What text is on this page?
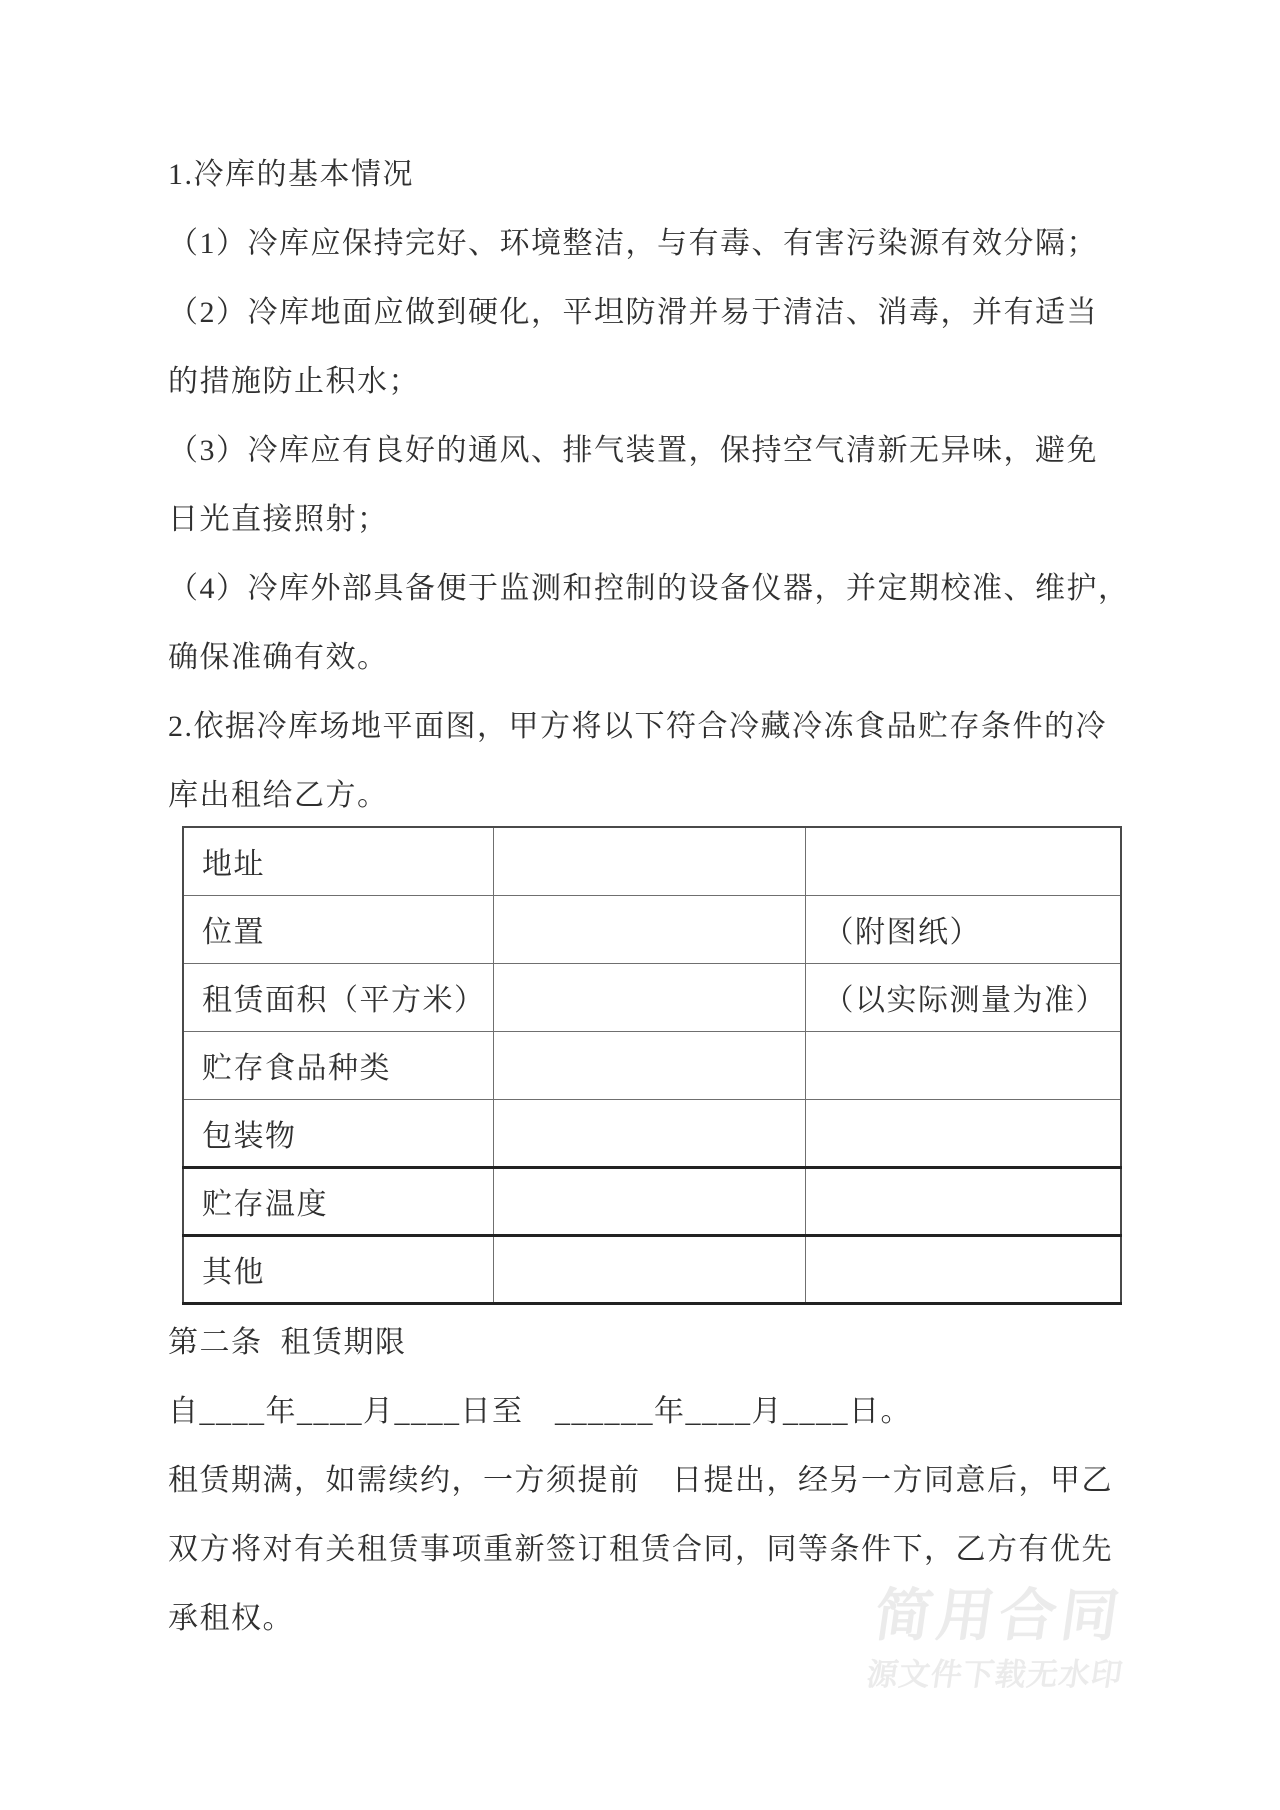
1.冷库的基本情况
（1）冷库应保持完好、环境整洁，与有毒、有害污染源有效分隔；
（2）冷库地面应做到硬化，平坦防滑并易于清洁、消毒，并有适当
的措施防止积水；
（3）冷库应有良好的通风、排气装置，保持空气清新无异味，避免
日光直接照射；
（4）冷库外部具备便于监测和控制的设备仪器，并定期校准、维护，
确保准确有效。
2.依据冷库场地平面图，甲方将以下符合冷藏冷冻食品贮存条件的冷
库出租给乙方。
地址		
位置		（附图纸）
租赁面积（平方米）		（以实际测量为准）
贮存食品种类		
包装物		
贮存温度		
其他		
第二条  租赁期限
自____年____月____日至　______年____月____日。
租赁期满，如需续约，一方须提前　日提出，经另一方同意后，甲乙
双方将对有关租赁事项重新签订租赁合同，同等条件下，乙方有优先
承租权。	简用合同
源文件下载无水印
